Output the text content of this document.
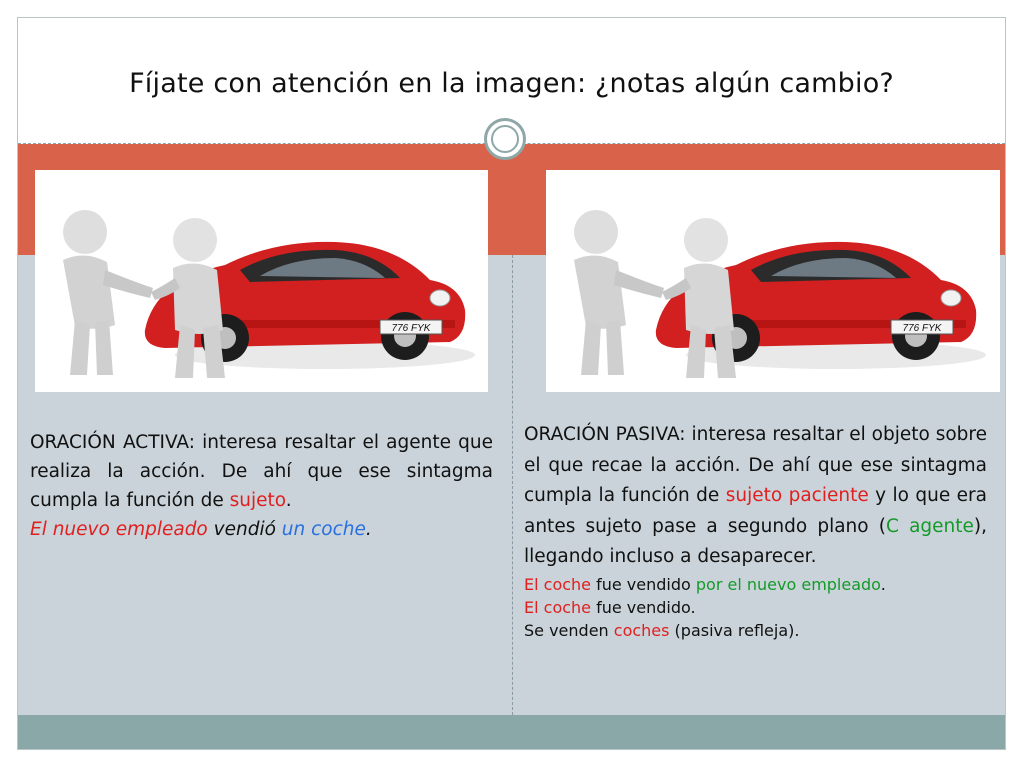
Fíjate con atención en la imagen: ¿notas algún cambio?
776 FYK	776 FYK
ORACIÓN ACTIVA: interesa resaltar el agente que realiza la acción. De ahí que ese sintagma cumpla la función de sujeto.
El nuevo empleado vendió un coche.
ORACIÓN PASIVA: interesa resaltar el objeto sobre el que recae la acción. De ahí que ese sintagma cumpla la función de sujeto paciente y lo que era antes sujeto pase a segundo plano (C agente), llegando incluso a desaparecer.
El coche fue vendido por el nuevo empleado.
El coche fue vendido.
Se venden coches (pasiva refleja).
